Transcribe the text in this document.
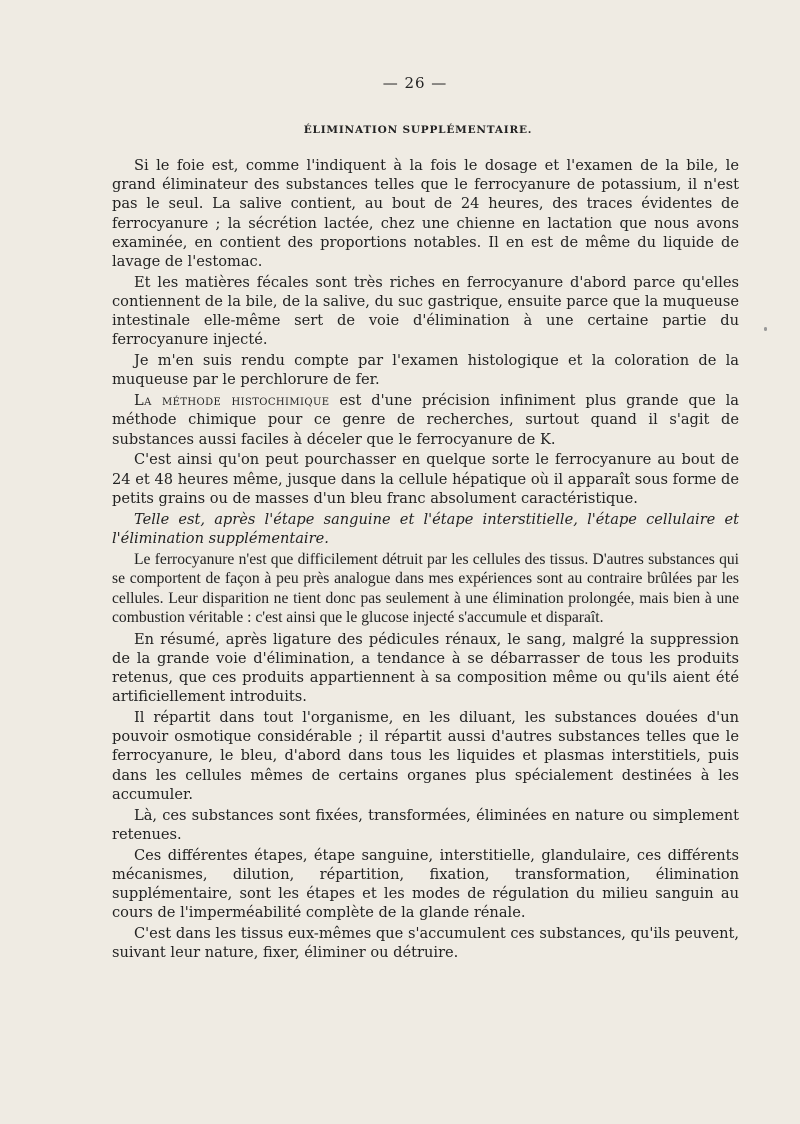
— 26 —
ÉLIMINATION SUPPLÉMENTAIRE.

Si le foie est, comme l'indiquent à la fois le dosage et l'examen de la bile, le grand éliminateur des substances telles que le ferrocyanure de potassium, il n'est pas le seul. La salive contient, au bout de 24 heures, des traces évidentes de ferrocyanure ; la sécrétion lactée, chez une chienne en lactation que nous avons examinée, en contient des proportions notables. Il en est de même du liquide de lavage de l'estomac.

Et les matières fécales sont très riches en ferrocyanure d'abord parce qu'elles contiennent de la bile, de la salive, du suc gastrique, ensuite parce que la muqueuse intestinale elle-même sert de voie d'élimination à une certaine partie du ferrocyanure injecté.

Je m'en suis rendu compte par l'examen histologique et la coloration de la muqueuse par le perchlorure de fer.

La méthode histochimique est d'une précision infiniment plus grande que la méthode chimique pour ce genre de recherches, surtout quand il s'agit de substances aussi faciles à déceler que le ferrocyanure de K.

C'est ainsi qu'on peut pourchasser en quelque sorte le ferrocyanure au bout de 24 et 48 heures même, jusque dans la cellule hépatique où il apparaît sous forme de petits grains ou de masses d'un bleu franc absolument caractéristique.

Telle est, après l'étape sanguine et l'étape interstitielle, l'étape cellulaire et l'élimination supplémentaire.

Le ferrocyanure n'est que difficilement détruit par les cellules des tissus. D'autres substances qui se comportent de façon à peu près analogue dans mes expériences sont au contraire brûlées par les cellules. Leur disparition ne tient donc pas seulement à une élimination prolongée, mais bien à une combustion véritable : c'est ainsi que le glucose injecté s'accumule et disparaît.

En résumé, après ligature des pédicules rénaux, le sang, malgré la suppression de la grande voie d'élimination, a tendance à se débarrasser de tous les produits retenus, que ces produits appartiennent à sa composition même ou qu'ils aient été artificiellement introduits.

Il répartit dans tout l'organisme, en les diluant, les substances douées d'un pouvoir osmotique considérable ; il répartit aussi d'autres substances telles que le ferrocyanure, le bleu, d'abord dans tous les liquides et plasmas interstitiels, puis dans les cellules mêmes de certains organes plus spécialement destinées à les accumuler.

Là, ces substances sont fixées, transformées, éliminées en nature ou simplement retenues.

Ces différentes étapes, étape sanguine, interstitielle, glandulaire, ces différents mécanismes, dilution, répartition, fixation, transformation, élimination supplémentaire, sont les étapes et les modes de régulation du milieu sanguin au cours de l'imperméabilité complète de la glande rénale.

C'est dans les tissus eux-mêmes que s'accumulent ces substances, qu'ils peuvent, suivant leur nature, fixer, éliminer ou détruire.
